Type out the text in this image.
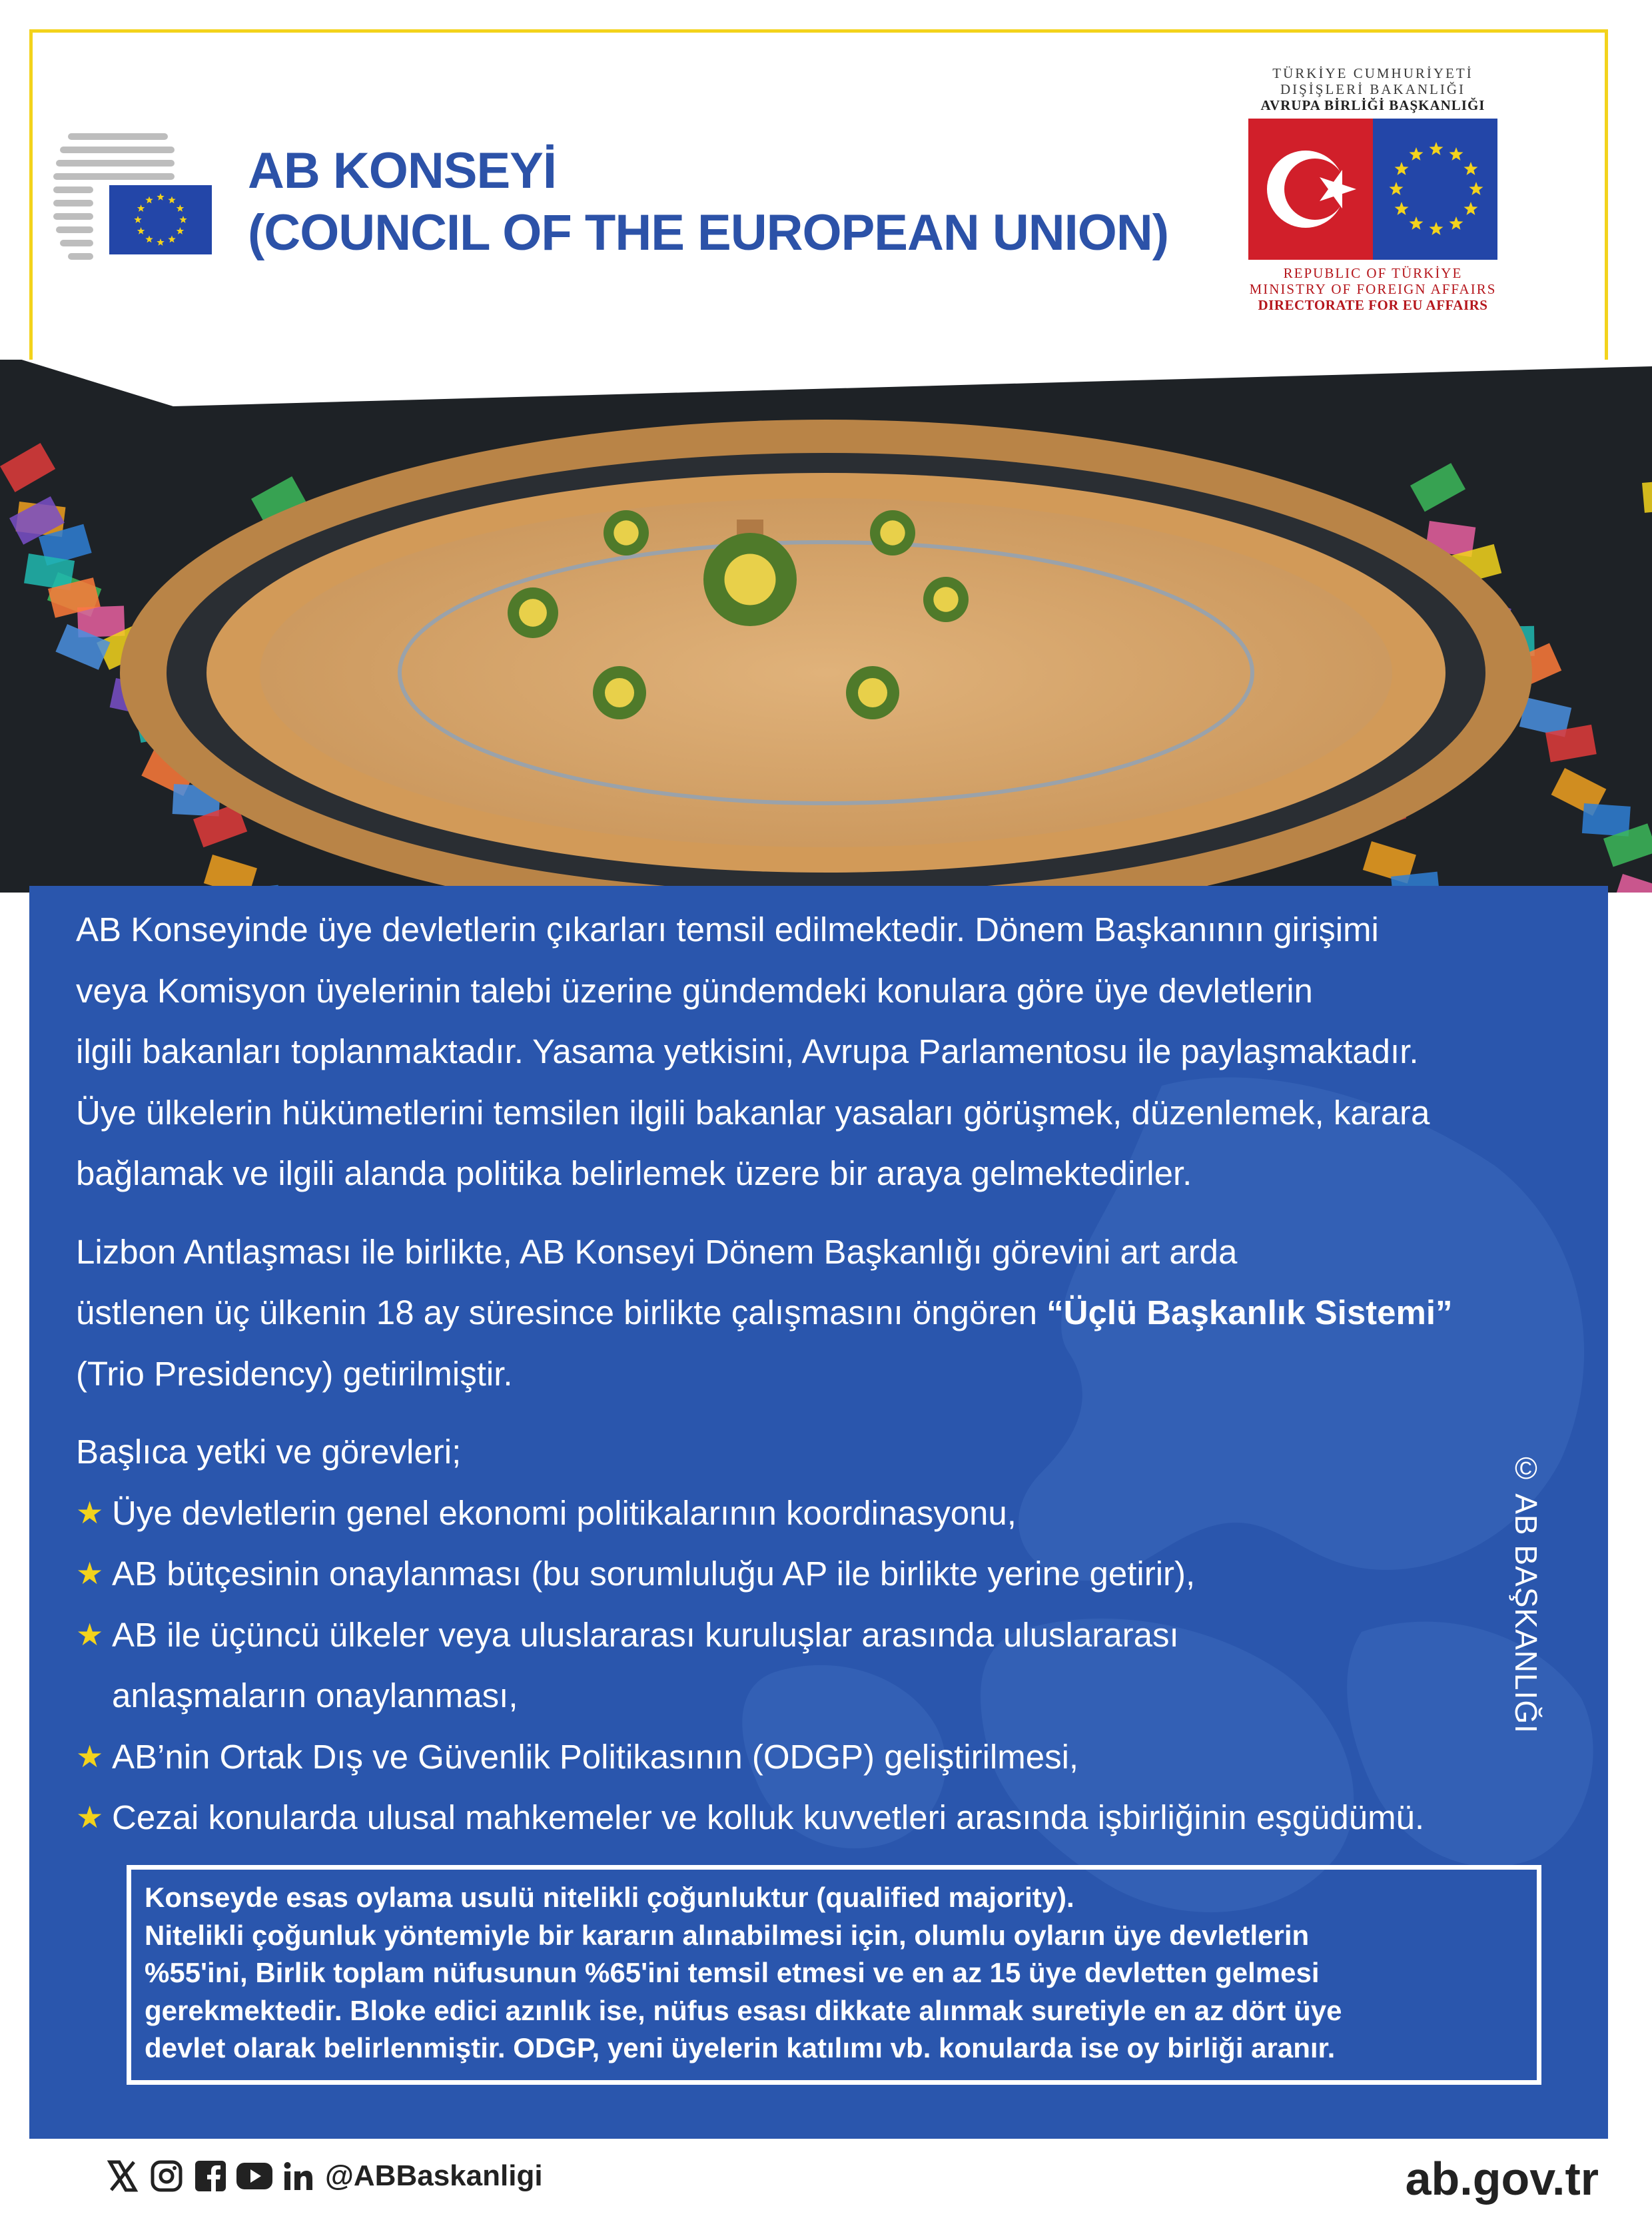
AB KONSEYİ
(COUNCIL OF THE EUROPEAN UNION)
TÜRKİYE CUMHURİYETİ
DIŞİŞLERİ BAKANLIĞI
AVRUPA BİRLİĞİ BAŞKANLIĞI
REPUBLIC OF TÜRKİYE
MINISTRY OF FOREIGN AFFAIRS
DIRECTORATE FOR EU AFFAIRS

AB Konseyinde üye devletlerin çıkarları temsil edilmektedir. Dönem Başkanının girişimi

veya Komisyon üyelerinin talebi üzerine gündemdeki konulara göre üye devletlerin

ilgili bakanları toplanmaktadır. Yasama yetkisini, Avrupa Parlamentosu ile paylaşmaktadır.

Üye ülkelerin hükümetlerini temsilen ilgili bakanlar yasaları görüşmek, düzenlemek, karara

bağlamak ve ilgili alanda politika belirlemek üzere bir araya gelmektedirler.

Lizbon Antlaşması ile birlikte, AB Konseyi Dönem Başkanlığı görevini art arda

üstlenen üç ülkenin 18 ay süresince birlikte çalışmasını öngören “Üçlü Başkanlık Sistemi”

(Trio Presidency) getirilmiştir.

Başlıca yetki ve görevleri;

★ Üye devletlerin genel ekonomi politikalarının koordinasyonu,
★ AB bütçesinin onaylanması (bu sorumluluğu AP ile birlikte yerine getirir),
★ AB ile üçüncü ülkeler veya uluslararası kuruluşlar arasında uluslararası
anlaşmaların onaylanması,
★ AB’nin Ortak Dış ve Güvenlik Politikasının (ODGP) geliştirilmesi,
★ Cezai konularda ulusal mahkemeler ve kolluk kuvvetleri arasında işbirliğinin eşgüdümü.
© AB BAŞKANLIĞI

Konseyde esas oylama usulü nitelikli çoğunluktur (qualified majority).

Nitelikli çoğunluk yöntemiyle bir kararın alınabilmesi için, olumlu oyların üye devletlerin

%55'ini, Birlik toplam nüfusunun %65'ini temsil etmesi ve en az 15 üye devletten gelmesi

gerekmektedir. Bloke edici azınlık ise, nüfus esası dikkate alınmak suretiyle en az dört üye

devlet olarak belirlenmiştir. ODGP, yeni üyelerin katılımı vb. konularda ise oy birliği aranır.

@ABBaskanligi	ab.gov.tr
